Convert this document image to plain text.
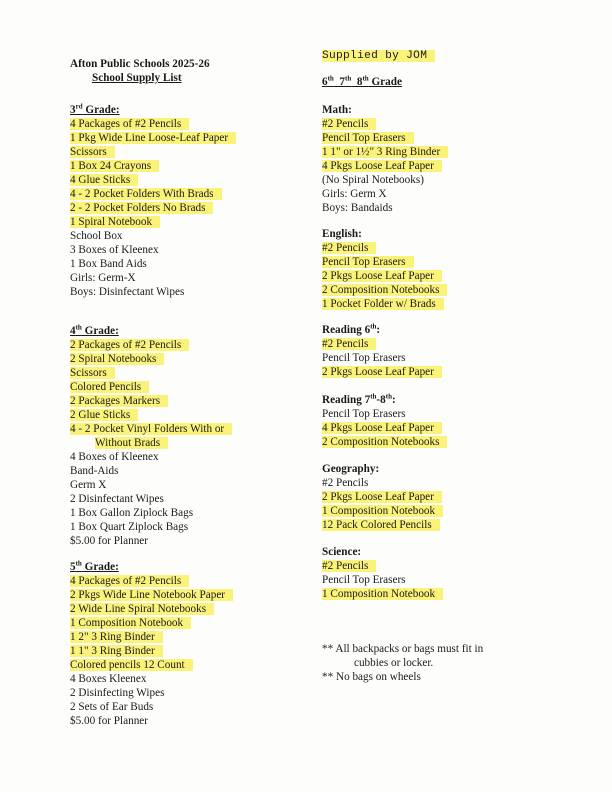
Afton Public Schools 2025-26
School Supply List
3rd Grade:
4 Packages of #2 Pencils
1 Pkg Wide Line Loose-Leaf Paper
Scissors
1 Box 24 Crayons
4 Glue Sticks
4 - 2 Pocket Folders With Brads
2 - 2 Pocket Folders No Brads
1 Spiral Notebook
School Box
3 Boxes of Kleenex
1 Box Band Aids
Girls: Germ-X
Boys: Disinfectant Wipes
4th Grade:
2 Packages of #2 Pencils
2 Spiral Notebooks
Scissors
Colored Pencils
2 Packages Markers
2 Glue Sticks
4 - 2 Pocket Vinyl Folders With or
Without Brads
4 Boxes of Kleenex
Band-Aids
Germ X
2 Disinfectant Wipes
1 Box Gallon Ziplock Bags
1 Box Quart Ziplock Bags
$5.00 for Planner
5th Grade:
4 Packages of #2 Pencils
2 Pkgs Wide Line Notebook Paper
2 Wide Line Spiral Notebooks
1 Composition Notebook
1 2" 3 Ring Binder
1 1" 3 Ring Binder
Colored pencils 12 Count
4 Boxes Kleenex
2 Disinfecting Wipes
2 Sets of Ear Buds
$5.00 for Planner
Supplied by JOM
6th  7th  8th Grade
Math:
#2 Pencils
Pencil Top Erasers
1 1" or 1½" 3 Ring Binder
4 Pkgs Loose Leaf Paper
(No Spiral Notebooks)
Girls: Germ X
Boys: Bandaids
English:
#2 Pencils
Pencil Top Erasers
2 Pkgs Loose Leaf Paper
2 Composition Notebooks
1 Pocket Folder w/ Brads
Reading 6th:
#2 Pencils
Pencil Top Erasers
2 Pkgs Loose Leaf Paper
Reading 7th-8th:
Pencil Top Erasers
4 Pkgs Loose Leaf Paper
2 Composition Notebooks
Geography:
#2 Pencils
2 Pkgs Loose Leaf Paper
1 Composition Notebook
12 Pack Colored Pencils
Science:
#2 Pencils
Pencil Top Erasers
1 Composition Notebook
** All backpacks or bags must fit in
cubbies or locker.
** No bags on wheels
